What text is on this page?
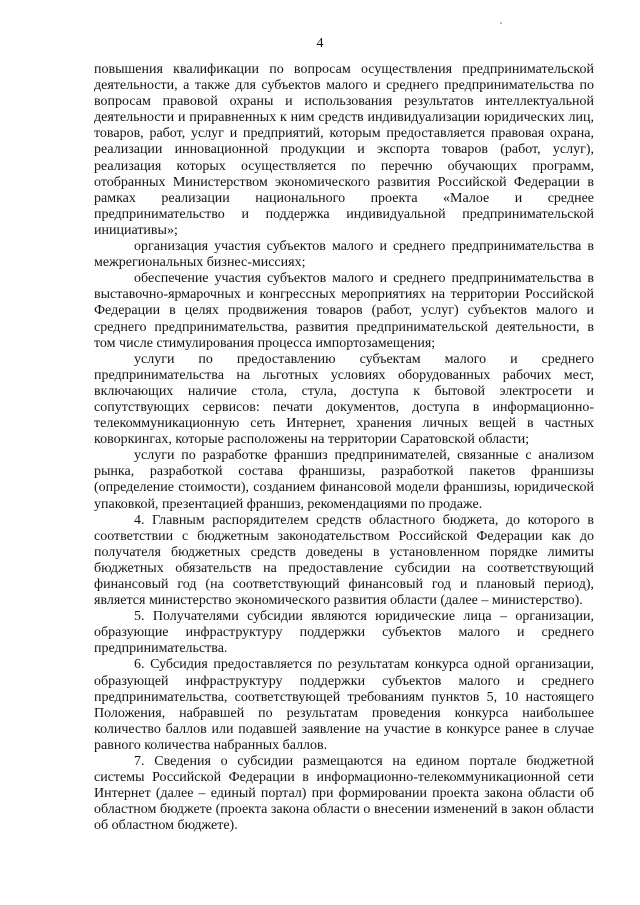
4

повышения квалификации по вопросам осуществления предпринимательской деятельности, а также для субъектов малого и среднего предпринимательства по вопросам правовой охраны и использования результатов интеллектуальной деятельности и приравненных к ним средств индивидуализации юридических лиц, товаров, работ, услуг и предприятий, которым предоставляется правовая охрана, реализации инновационной продукции и экспорта товаров (работ, услуг), реализация которых осуществляется по перечню обучающих программ, отобранных Министерством экономического развития Российской Федерации в рамках реализации национального проекта «Малое и среднее предпринимательство и поддержка индивидуальной предпринимательской инициативы»;

организация участия субъектов малого и среднего предпринимательства в межрегиональных бизнес-миссиях;

обеспечение участия субъектов малого и среднего предпринимательства в выставочно-ярмарочных и конгрессных мероприятиях на территории Российской Федерации в целях продвижения товаров (работ, услуг) субъектов малого и среднего предпринимательства, развития предпринимательской деятельности, в том числе стимулирования процесса импортозамещения;

услуги по предоставлению субъектам малого и среднего предпринимательства на льготных условиях оборудованных рабочих мест, включающих наличие стола, стула, доступа к бытовой электросети и сопутствующих сервисов: печати документов, доступа в информационно-телекоммуникационную сеть Интернет, хранения личных вещей в частных коворкингах, которые расположены на территории Саратовской области;

услуги по разработке франшиз предпринимателей, связанные с анализом рынка, разработкой состава франшизы, разработкой пакетов франшизы (определение стоимости), созданием финансовой модели франшизы, юридической упаковкой, презентацией франшиз, рекомендациями по продаже.

4. Главным распорядителем средств областного бюджета, до которого в соответствии с бюджетным законодательством Российской Федерации как до получателя бюджетных средств доведены в установленном порядке лимиты бюджетных обязательств на предоставление субсидии на соответствующий финансовый год (на соответствующий финансовый год и плановый период), является министерство экономического развития области (далее – министерство).

5. Получателями субсидии являются юридические лица – организации, образующие инфраструктуру поддержки субъектов малого и среднего предпринимательства.

6. Субсидия предоставляется по результатам конкурса одной организации, образующей инфраструктуру поддержки субъектов малого и среднего предпринимательства, соответствующей требованиям пунктов 5, 10 настоящего Положения, набравшей по результатам проведения конкурса наибольшее количество баллов или подавшей заявление на участие в конкурсе ранее в случае равного количества набранных баллов.

7. Сведения о субсидии размещаются на едином портале бюджетной системы Российской Федерации в информационно-телекоммуникационной сети Интернет (далее – единый портал) при формировании проекта закона области об областном бюджете (проекта закона области о внесении изменений в закон области об областном бюджете).
